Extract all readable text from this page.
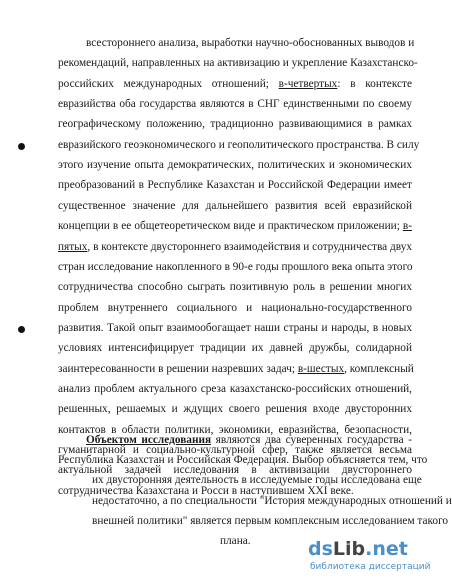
всестороннего анализа, выработки научно-обоснованных выводов и
рекомендаций, направленных на активизацию и укрепление Казахстанско-
российских международных отношений; в-четвертых: в контексте
евразийства оба государства являются в СНГ единственными по своему
географическому положению, традиционно развивающимися в рамках
евразийского геоэкономического и геополитического пространства. В силу
этого изучение опыта демократических, политических и экономических
преобразований в Республике Казахстан и Российской Федерации имеет
существенное значение для дальнейшего развития всей евразийской
концепции в ее общетеоретическом виде и практическом приложении; в-
пятых, в контексте двустороннего взаимодействия и сотрудничества двух
стран исследование накопленного в 90-е годы прошлого века опыта этого
сотрудничества способно сыграть позитивную роль в решении многих
проблем внутреннего социального и национально-государственного
развития. Такой опыт взаимообогащает наши страны и народы, в новых
условиях интенсифицирует традиции их давней дружбы, солидарной
заинтересованности в решении назревших задач; в-шестых, комплексный
анализ проблем актуального среза казахстанско-российских отношений,
решенных, решаемых и ждущих своего решения входе двусторонних
контактов в области политики, экономики, евразийства, безопасности,
гуманитарной и социально-культурной сфер, также является весьма
актуальной задачей исследования в активизации двустороннего
сотрудничества Казахстана и Росси в наступившем XXI веке.
Объектом исследования являются два суверенных государства -
Республика Казахстан и Российская Федерация. Выбор объясняется тем, что
их двусторонняя деятельность в исследуемые годы исследована еще
недостаточно, а по специальности "История международных отношений и
внешней политики" является первым комплексным исследованием такого
плана.	dsLib.net
библиотека диссертаций
